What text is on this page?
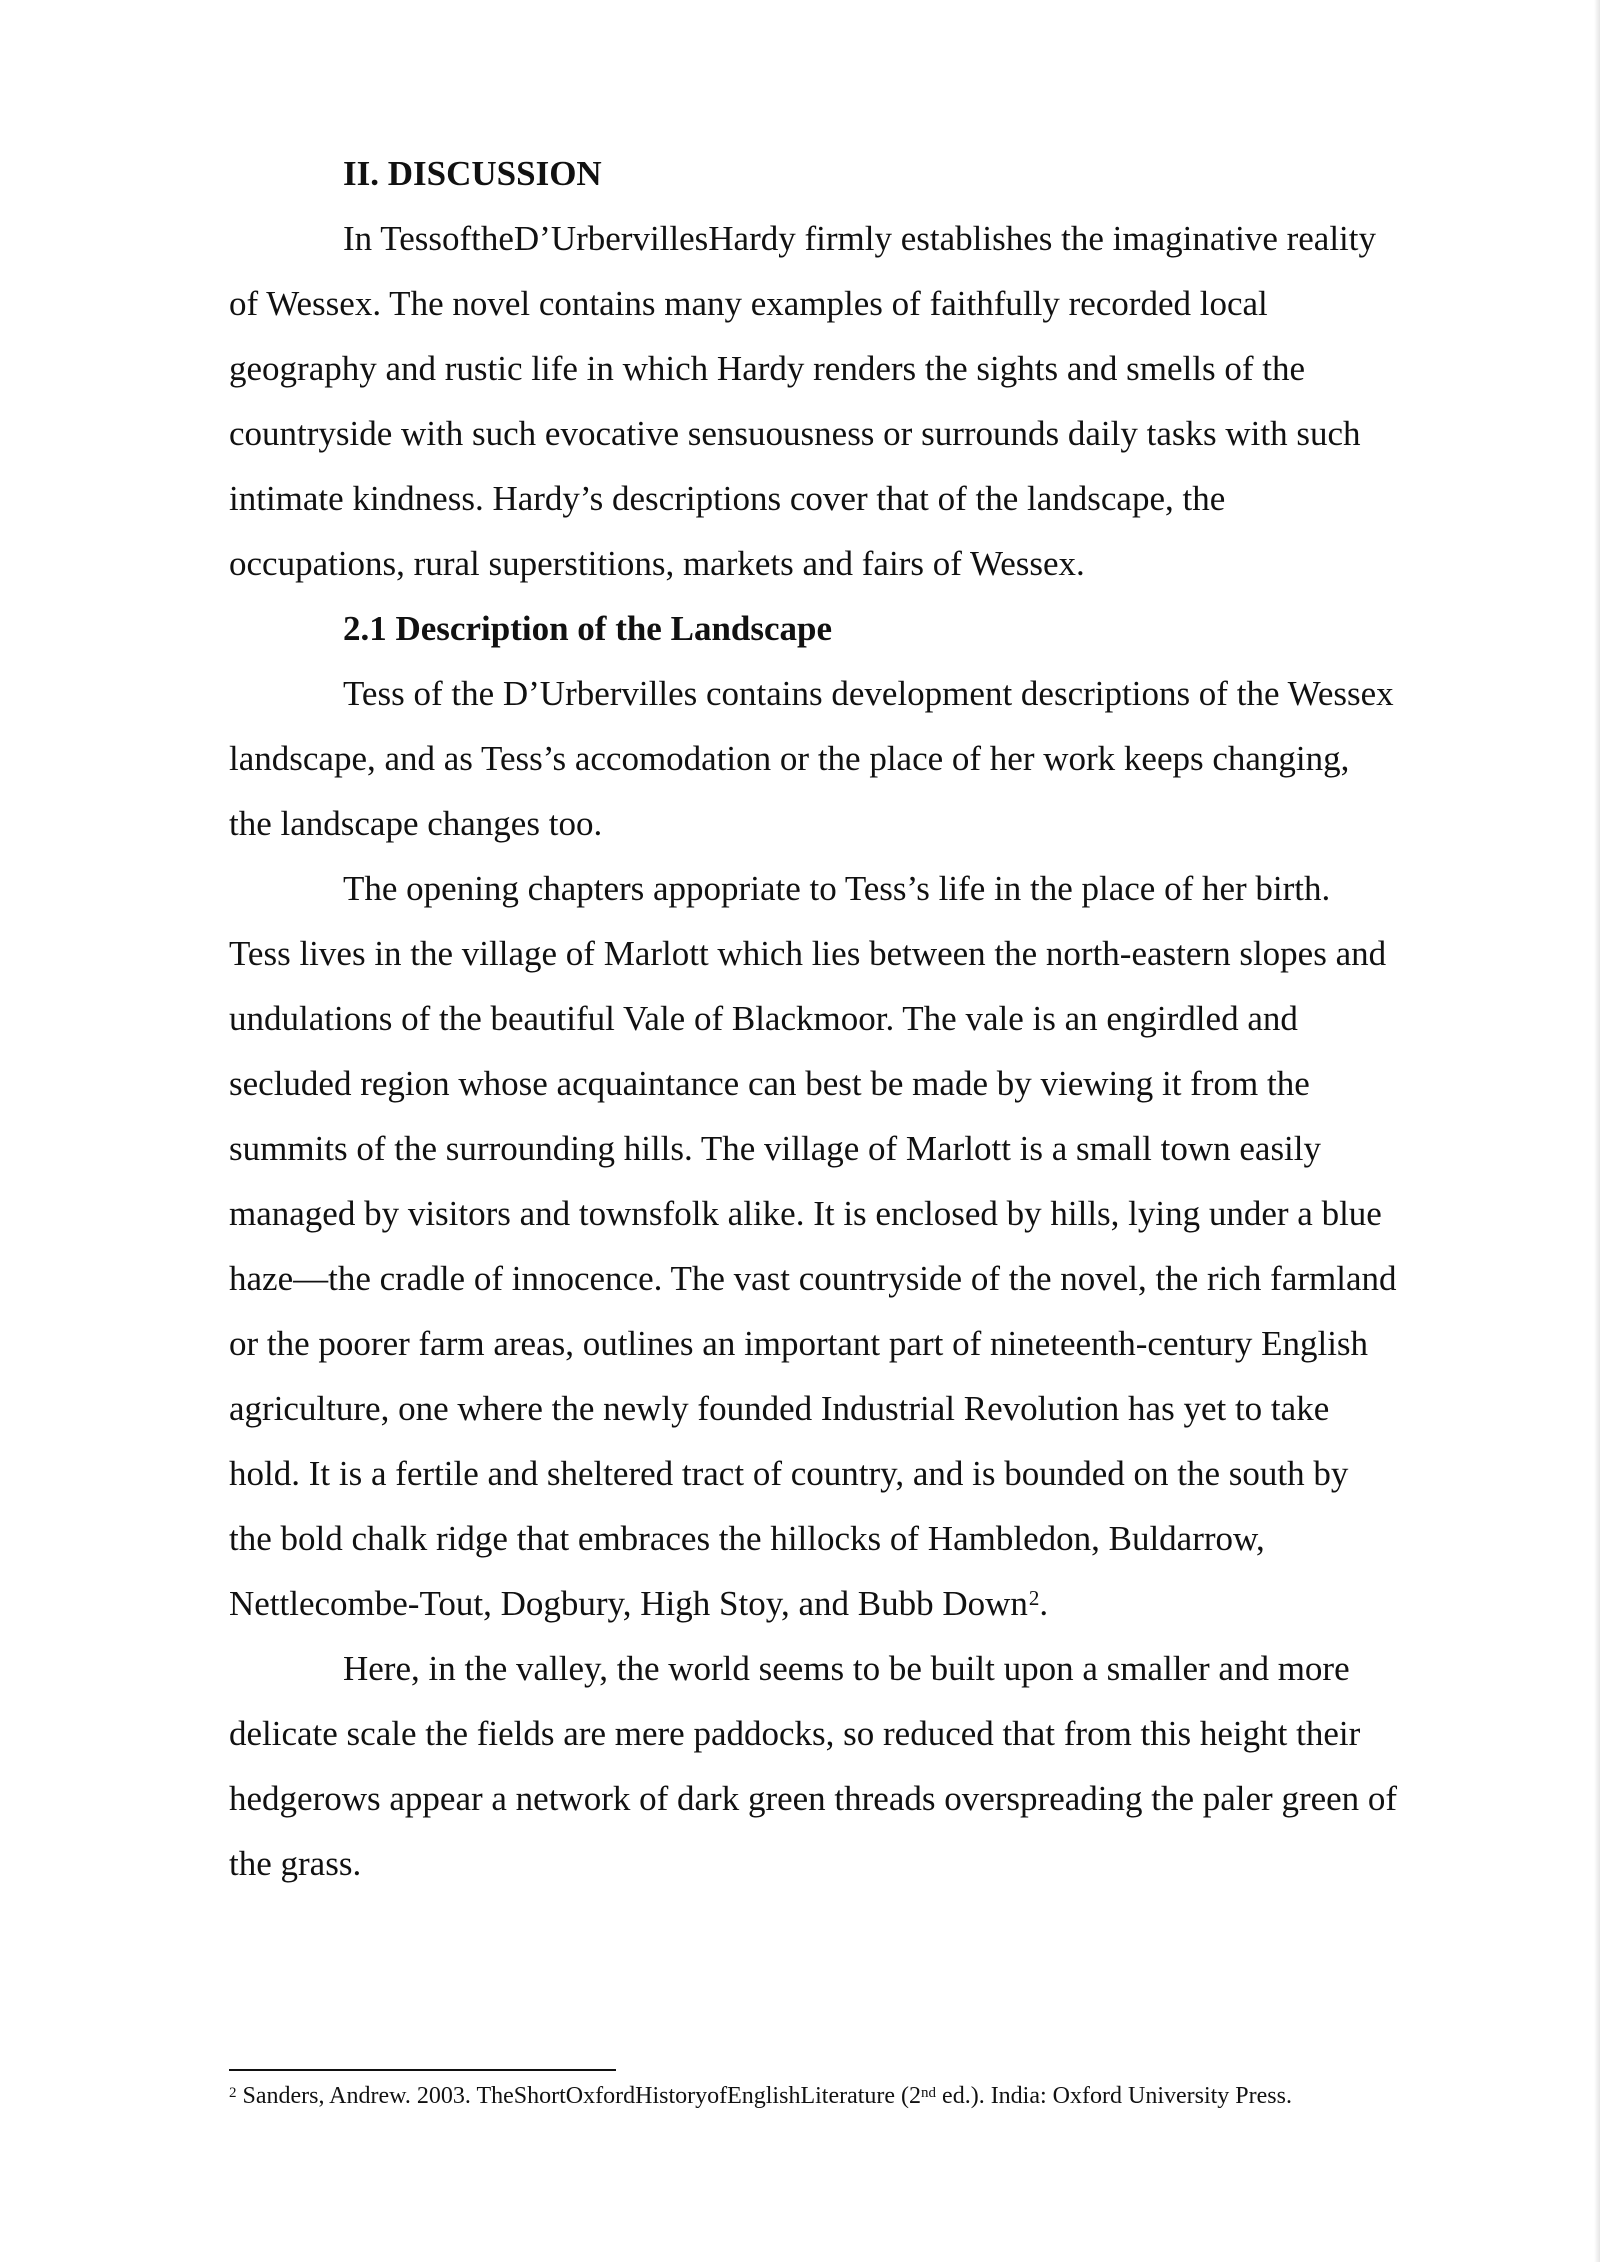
II. DISCUSSION
In TessoftheD’UrbervillesHardy firmly establishes the imaginative reality
of Wessex. The novel contains many examples of faithfully recorded local
geography and rustic life in which Hardy renders the sights and smells of the
countryside with such evocative sensuousness or surrounds daily tasks with such
intimate kindness. Hardy’s descriptions cover that of the landscape, the
occupations, rural superstitions, markets and fairs of Wessex.
2.1 Description of the Landscape
Tess of the D’Urbervilles contains development descriptions of the Wessex
landscape, and as Tess’s accomodation or the place of her work keeps changing,
the landscape changes too.
The opening chapters appopriate to Tess’s life in the place of her birth.
Tess lives in the village of Marlott which lies between the north-eastern slopes and
undulations of the beautiful Vale of Blackmoor. The vale is an engirdled and
secluded region whose acquaintance can best be made by viewing it from the
summits of the surrounding hills. The village of Marlott is a small town easily
managed by visitors and townsfolk alike. It is enclosed by hills, lying under a blue
haze—the cradle of innocence. The vast countryside of the novel, the rich farmland
or the poorer farm areas, outlines an important part of nineteenth-century English
agriculture, one where the newly founded Industrial Revolution has yet to take
hold. It is a fertile and sheltered tract of country, and is bounded on the south by
the bold chalk ridge that embraces the hillocks of Hambledon, Buldarrow,
Nettlecombe-Tout, Dogbury, High Stoy, and Bubb Down$^2$.
Here, in the valley, the world seems to be built upon a smaller and more
delicate scale the fields are mere paddocks, so reduced that from this height their
hedgerows appear a network of dark green threads overspreading the paler green of
the grass.
$^2$ Sanders, Andrew. 2003. TheShortOxfordHistoryofEnglishLiterature (2nd ed.). India: Oxford University Press.
